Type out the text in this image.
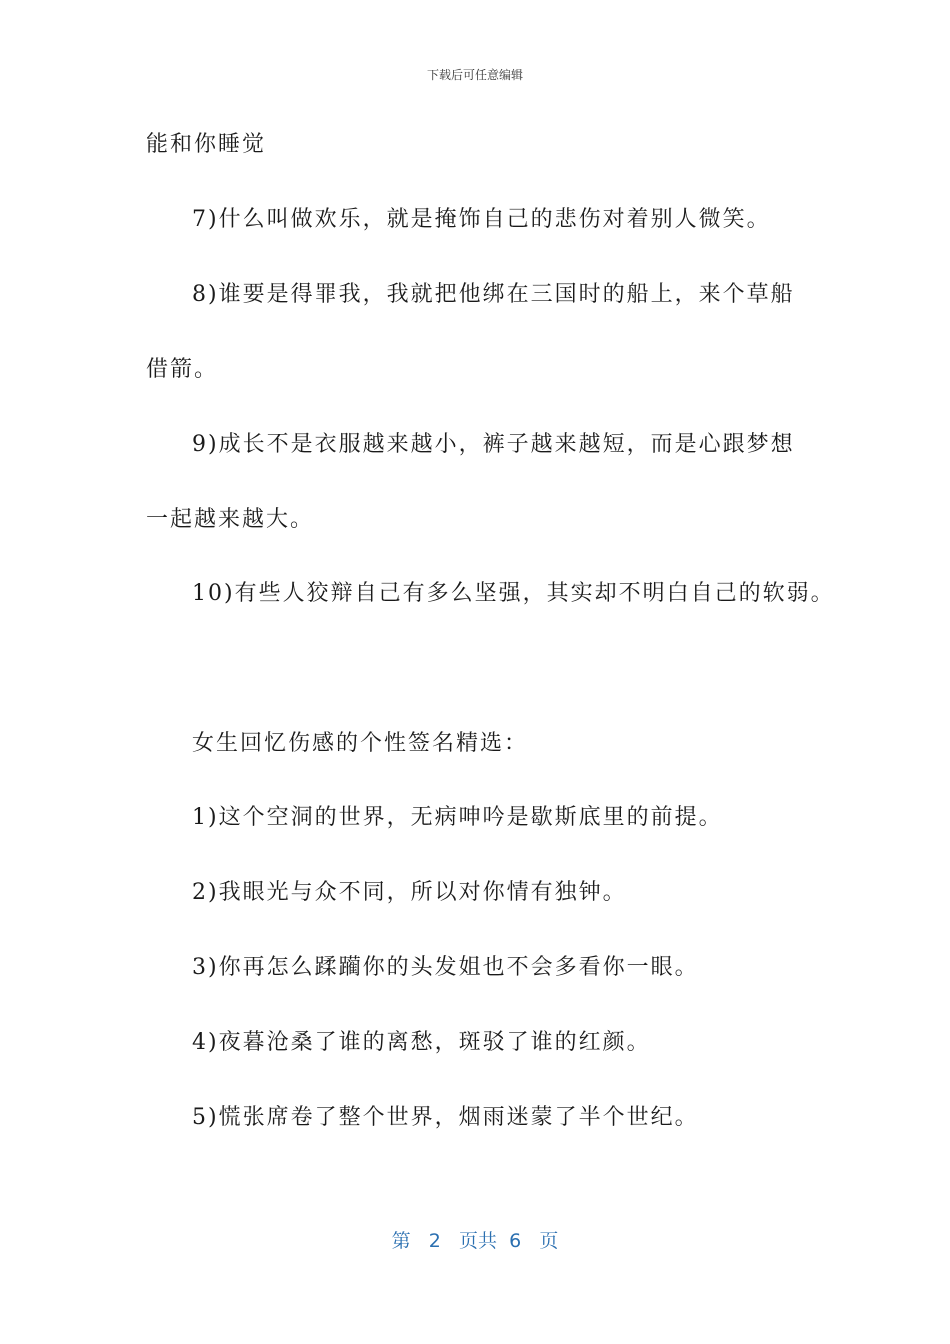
下载后可任意编辑
能和你睡觉
7)什么叫做欢乐，就是掩饰自己的悲伤对着别人微笑。
8)谁要是得罪我，我就把他绑在三国时的船上，来个草船
借箭。
9)成长不是衣服越来越小，裤子越来越短，而是心跟梦想
一起越来越大。
10)有些人狡辩自己有多么坚强，其实却不明白自己的软弱。
女生回忆伤感的个性签名精选：
1)这个空洞的世界，无病呻吟是歇斯底里的前提。
2)我眼光与众不同，所以对你情有独钟。
3)你再怎么蹂躏你的头发姐也不会多看你一眼。
4)夜暮沧桑了谁的离愁，斑驳了谁的红颜。
5)慌张席卷了整个世界，烟雨迷蒙了半个世纪。
第 2 页共 6 页
